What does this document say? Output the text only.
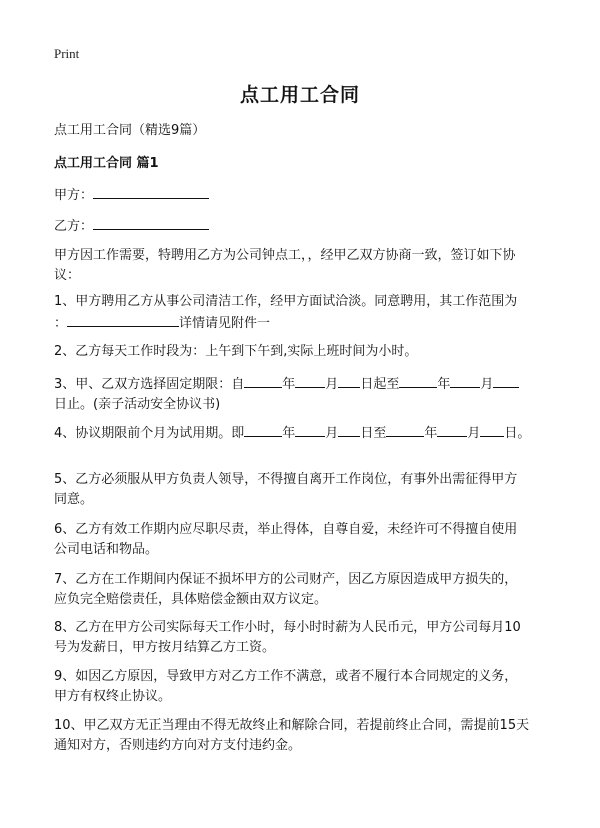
Print
点工用工合同
点工用工合同（精选9篇）
点工用工合同 篇1
甲方：
乙方：
甲方因工作需要，特聘用乙方为公司钟点工，，经甲乙双方协商一致，签订如下协
议：
1、甲方聘用乙方从事公司清洁工作，经甲方面试洽淡。同意聘用，其工作范围为
：	详情请见附件一
2、乙方每天工作时段为：上午到下午到,实际上班时间为小时。
3、甲、乙双方选择固定期限：自	年 月 日起至	年 月
日止。(亲子活动安全协议书)
4、协议期限前个月为试用期。即	年 月 日至	年 月 日。
5、乙方必须服从甲方负责人领导，不得擅自离开工作岗位，有事外出需征得甲方
同意。
6、乙方有效工作期内应尽职尽责，举止得体，自尊自爱，未经许可不得擅自使用
公司电话和物品。
7、乙方在工作期间内保证不损坏甲方的公司财产，因乙方原因造成甲方损失的，
应负完全赔偿责任，具体赔偿金额由双方议定。
8、乙方在甲方公司实际每天工作小时，每小时时薪为人民币元，甲方公司每月10
号为发薪日，甲方按月结算乙方工资。
9、如因乙方原因，导致甲方对乙方工作不满意，或者不履行本合同规定的义务，
甲方有权终止协议。
10、甲乙双方无正当理由不得无故终止和解除合同，若提前终止合同，需提前15天
通知对方，否则违约方向对方支付违约金。
